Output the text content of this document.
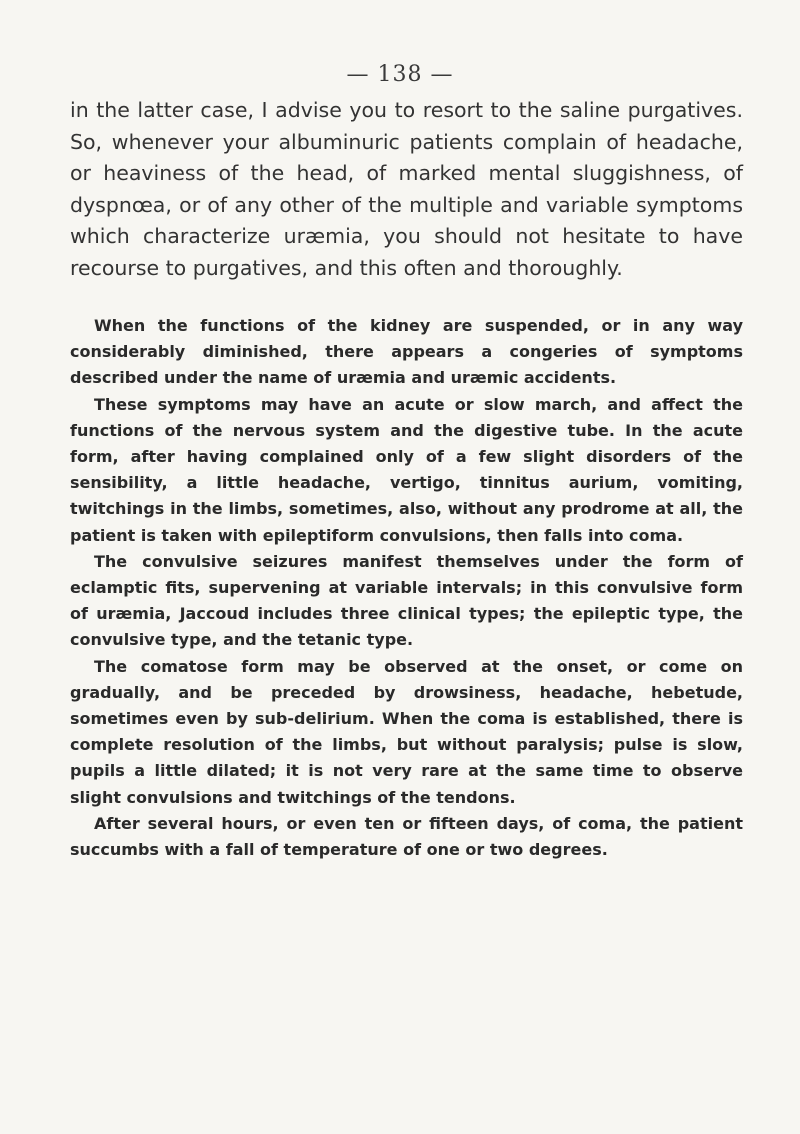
— 138 —
in the latter case, I advise you to resort to the saline purgatives. So, whenever your albuminuric patients complain of headache, or heaviness of the head, of marked mental sluggishness, of dyspnœa, or of any other of the multiple and variable symptoms which characterize uræmia, you should not hesitate to have recourse to purgatives, and this often and thoroughly.

When the functions of the kidney are suspended, or in any way considerably diminished, there appears a congeries of symptoms described under the name of uræmia and uræmic accidents.

These symptoms may have an acute or slow march, and affect the functions of the nervous system and the digestive tube. In the acute form, after having complained only of a few slight disorders of the sensibility, a little headache, vertigo, tinnitus aurium, vomiting, twitchings in the limbs, sometimes, also, without any prodrome at all, the patient is taken with epileptiform convulsions, then falls into coma.

The convulsive seizures manifest themselves under the form of eclamptic fits, supervening at variable intervals; in this convulsive form of uræmia, Jaccoud includes three clinical types; the epileptic type, the convulsive type, and the tetanic type.

The comatose form may be observed at the onset, or come on gradually, and be preceded by drowsiness, headache, hebetude, sometimes even by sub-delirium. When the coma is established, there is complete resolution of the limbs, but without paralysis; pulse is slow, pupils a little dilated; it is not very rare at the same time to observe slight convulsions and twitchings of the tendons.

After several hours, or even ten or fifteen days, of coma, the patient succumbs with a fall of temperature of one or two degrees.
